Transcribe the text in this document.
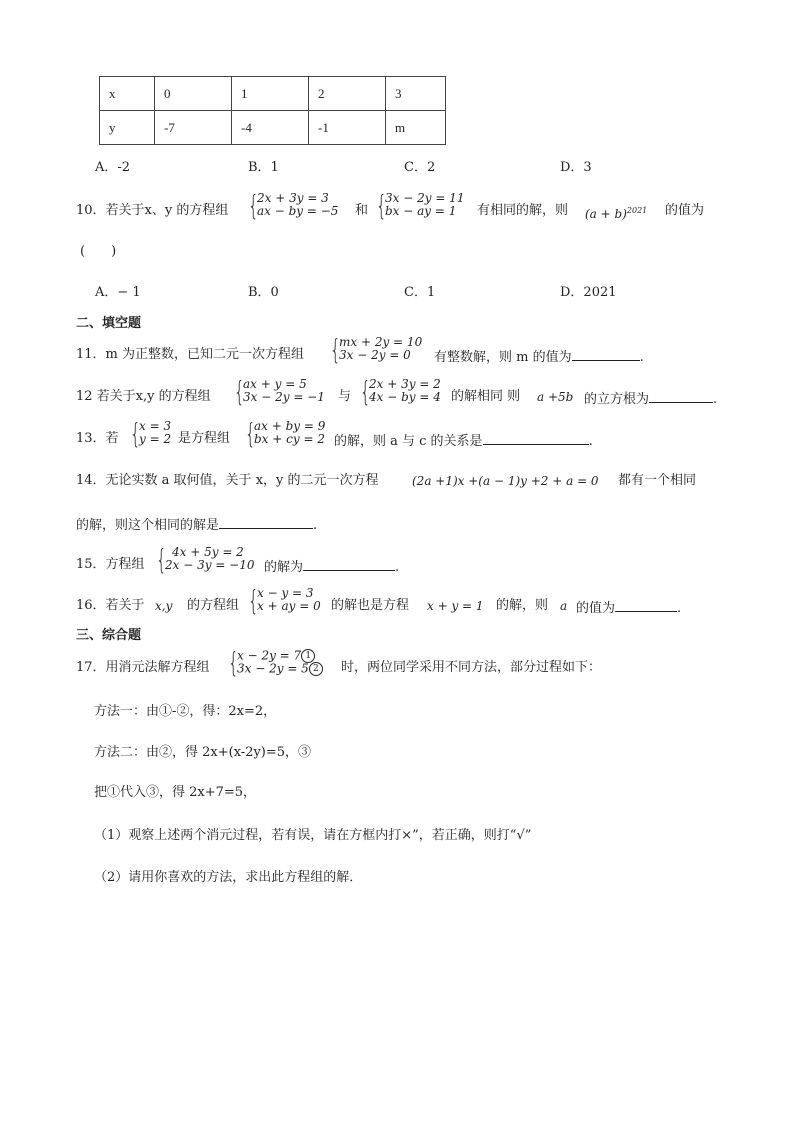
x	0	1	2	3
y	-7	-4	-1	m
A．-2	B．1	C．2	D．3
10．若关于x、y 的方程组 {
2x + 3y = 3
ax − by = −5 和 {
3x − 2y = 11
bx − ay = 1 有相同的解，则 $(a + b)^{2021}$ 的值为
(　　)
A．− 1	B．0	C．1	D．2021
二、填空题
11．m 为正整数，已知二元一次方程组 {
mx + 2y = 10
3x − 2y = 0 有整数解，则 m 的值为	.
12 若关于x,y 的方程组 {
ax + y = 5
3x − 2y = −1 与 {
2x + 3y = 2
4x − by = 4 的解相同 则 a +5b 的立方根为	.
13．若 {
x = 3
y = 2 是方程组 {
ax + by = 9
bx + cy = 2 的解，则 a 与 c 的关系是	.
14．无论实数 a 取何值，关于 x，y 的二元一次方程	(2a +1)x +(a − 1)y +2 + a = 0 都有一个相同
的解，则这个相同的解是	.
15．方程组 { 4x + 5y = 2
2x − 3y = −10 的解为	.
16．若关于 x,y 的方程组 {
x − y = 3
x + ay = 0 的解也是方程 x + y = 1 的解，则 a 的值为	.
三、综合题
17．用消元法解方程组 {
x − 2y = 7 1
3x − 2y = 5 2	时，两位同学采用不同方法，部分过程如下：
方法一：由①-②，得：2x=2，
方法二：由②，得 2x+(x-2y)=5，③
把①代入③，得 2x+7=5，
（1）观察上述两个消元过程，若有误，请在方框内打×”，若正确，则打“√”
（2）请用你喜欢的方法，求出此方程组的解．
